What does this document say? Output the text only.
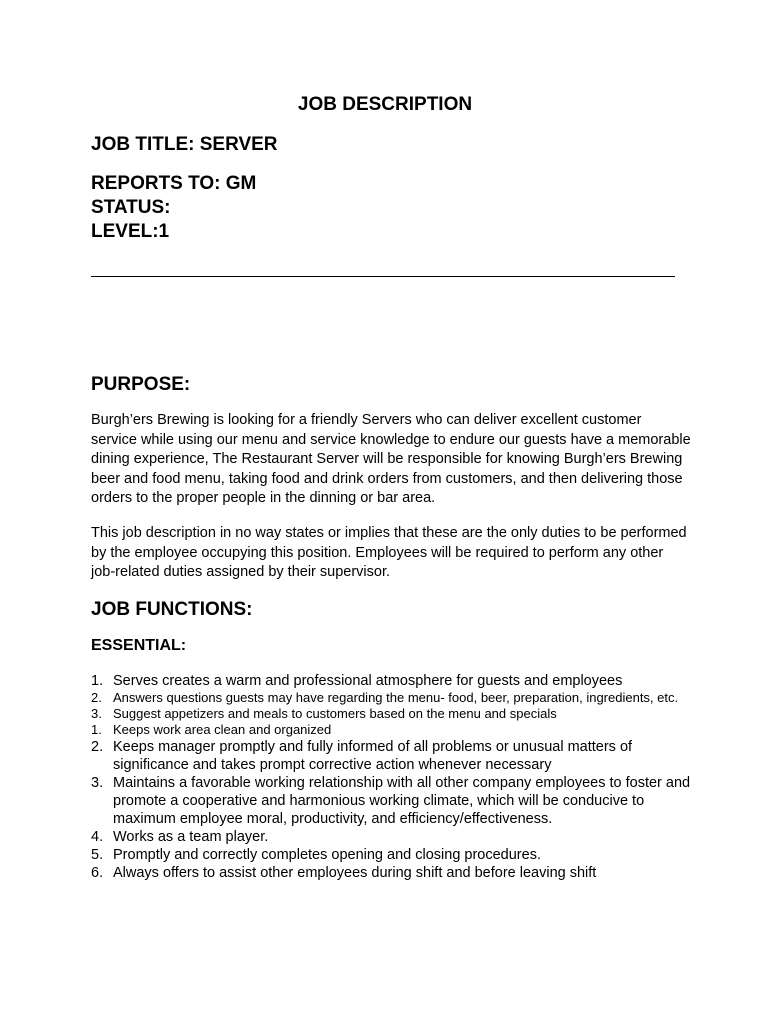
JOB DESCRIPTION
JOB TITLE: SERVER
REPORTS TO: GM
STATUS:
LEVEL:1
PURPOSE:

Burgh’ers Brewing is looking for a friendly Servers who can deliver excellent customer service while using our menu and service knowledge to endure our guests have a memorable dining experience, The Restaurant Server will be responsible for knowing Burgh’ers Brewing beer and food menu, taking food and drink orders from customers, and then delivering those orders to the proper people in the dinning or bar area.

This job description in no way states or implies that these are the only duties to be performed by the employee occupying this position. Employees will be required to perform any other job-related duties assigned by their supervisor.

JOB FUNCTIONS:
ESSENTIAL:
1. Serves creates a warm and professional atmosphere for guests and employees
2. Answers questions guests may have regarding the menu- food, beer, preparation, ingredients, etc.
3. Suggest appetizers and meals to customers based on the menu and specials
1. Keeps work area clean and organized
2. Keeps manager promptly and fully informed of all problems or unusual matters of significance and takes prompt corrective action whenever necessary
3. Maintains a favorable working relationship with all other company employees to foster and promote a cooperative and harmonious working climate, which will be conducive to maximum employee moral, productivity, and efficiency/effectiveness.
4. Works as a team player.
5. Promptly and correctly completes opening and closing procedures.
6. Always offers to assist other employees during shift and before leaving shift
